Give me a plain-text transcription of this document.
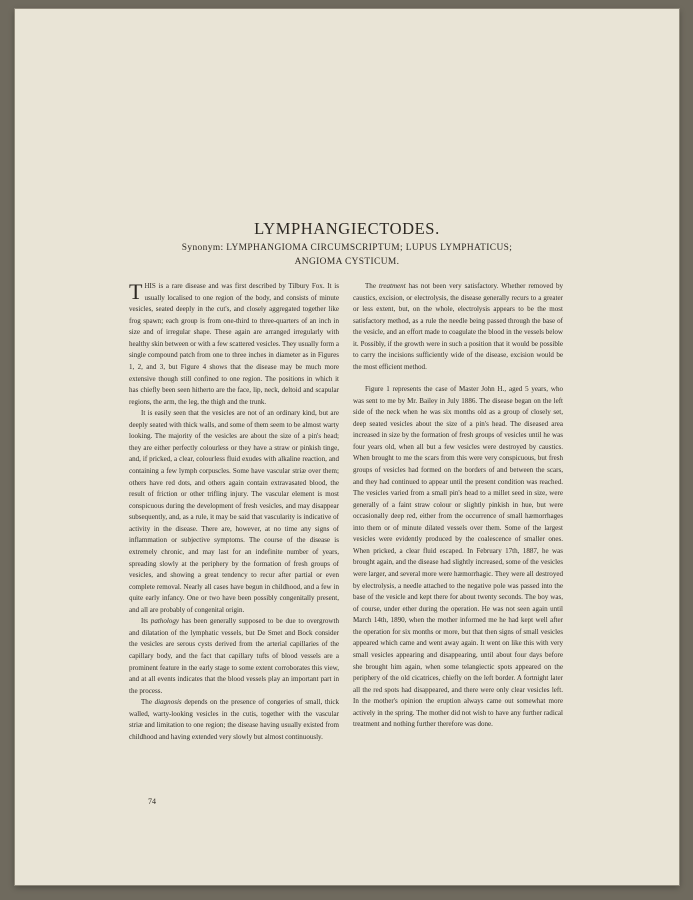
LYMPHANGIECTODES.
Synonym: LYMPHANGIOMA CIRCUMSCRIPTUM; LUPUS LYMPHATICUS;
ANGIOMA CYSTICUM.

THIS is a rare disease and was first described by Tilbury Fox. It is usually localised to one region of the body, and consists of minute vesicles, seated deeply in the cut's, and closely aggregated together like frog spawn; each group is from one-third to three-quarters of an inch in size and of irregular shape. These again are arranged irregularly with healthy skin between or with a few scattered vesicles. They usually form a single compound patch from one to three inches in diameter as in Figures 1, 2, and 3, but Figure 4 shows that the disease may be much more extensive though still confined to one region. The positions in which it has chiefly been seen hitherto are the face, lip, neck, deltoid and scapular regions, the arm, the leg, the thigh and the trunk.

It is easily seen that the vesicles are not of an ordinary kind, but are deeply seated with thick walls, and some of them seem to be almost warty looking. The majority of the vesicles are about the size of a pin's head; they are either perfectly colourless or they have a straw or pinkish tinge, and, if pricked, a clear, colourless fluid exudes with alkaline reaction, and containing a few lymph corpuscles. Some have vascular striæ over them; others have red dots, and others again contain extravasated blood, the result of friction or other trifling injury. The vascular element is most conspicuous during the development of fresh vesicles, and may disappear subsequently, and, as a rule, it may be said that vascularity is indicative of activity in the disease. There are, however, at no time any signs of inflammation or subjective symptoms. The course of the disease is extremely chronic, and may last for an indefinite number of years, spreading slowly at the periphery by the formation of fresh groups of vesicles, and showing a great tendency to recur after partial or even complete removal. Nearly all cases have begun in childhood, and a few in quite early infancy. One or two have been possibly congenitally present, and all are probably of congenital origin.

Its pathology has been generally supposed to be due to overgrowth and dilatation of the lymphatic vessels, but De Smet and Bock consider the vesicles are serous cysts derived from the arterial capillaries of the capillary body, and the fact that capillary tufts of blood vessels are a prominent feature in the early stage to some extent corroborates this view, and at all events indicates that the blood vessels play an important part in the process.

The diagnosis depends on the presence of congeries of small, thick walled, warty-looking vesicles in the cutis, together with the vascular striæ and limitation to one region; the disease having usually existed from childhood and having extended very slowly but almost continuously.

The treatment has not been very satisfactory. Whether removed by caustics, excision, or electrolysis, the disease generally recurs to a greater or less extent, but, on the whole, electrolysis appears to be the most satisfactory method, as a rule the needle being passed through the base of the vesicle, and an effort made to coagulate the blood in the vessels below it. Possibly, if the growth were in such a position that it would be possible to carry the incisions sufficiently wide of the disease, excision would be the most efficient method.

Figure 1 represents the case of Master John H., aged 5 years, who was sent to me by Mr. Bailey in July 1886. The disease began on the left side of the neck when he was six months old as a group of closely set, deep seated vesicles about the size of a pin's head. The diseased area increased in size by the formation of fresh groups of vesicles until he was four years old, when all but a few vesicles were destroyed by caustics. When brought to me the scars from this were very conspicuous, but fresh groups of vesicles had formed on the borders of and between the scars, and they had continued to appear until the present condition was reached. The vesicles varied from a small pin's head to a millet seed in size, were generally of a faint straw colour or slightly pinkish in hue, but were occasionally deep red, either from the occurrence of small hæmorrhages into them or of minute dilated vessels over them. Some of the largest vesicles were evidently produced by the coalescence of smaller ones. When pricked, a clear fluid escaped. In February 17th, 1887, he was brought again, and the disease had slightly increased, some of the vesicles were larger, and several more were hæmorrhagic. They were all destroyed by electrolysis, a needle attached to the negative pole was passed into the base of the vesicle and kept there for about twenty seconds. The boy was, of course, under ether during the operation. He was not seen again until March 14th, 1890, when the mother informed me he had kept well after the operation for six months or more, but that then signs of small vesicles appeared which came and went away again. It went on like this with very small vesicles appearing and disappearing, until about four days before she brought him again, when some telangiectic spots appeared on the periphery of the old cicatrices, chiefly on the left border. A fortnight later all the red spots had disappeared, and there were only clear vesicles left. In the mother's opinion the eruption always came out somewhat more actively in the spring. The mother did not wish to have any further radical treatment and nothing further therefore was done.

74
